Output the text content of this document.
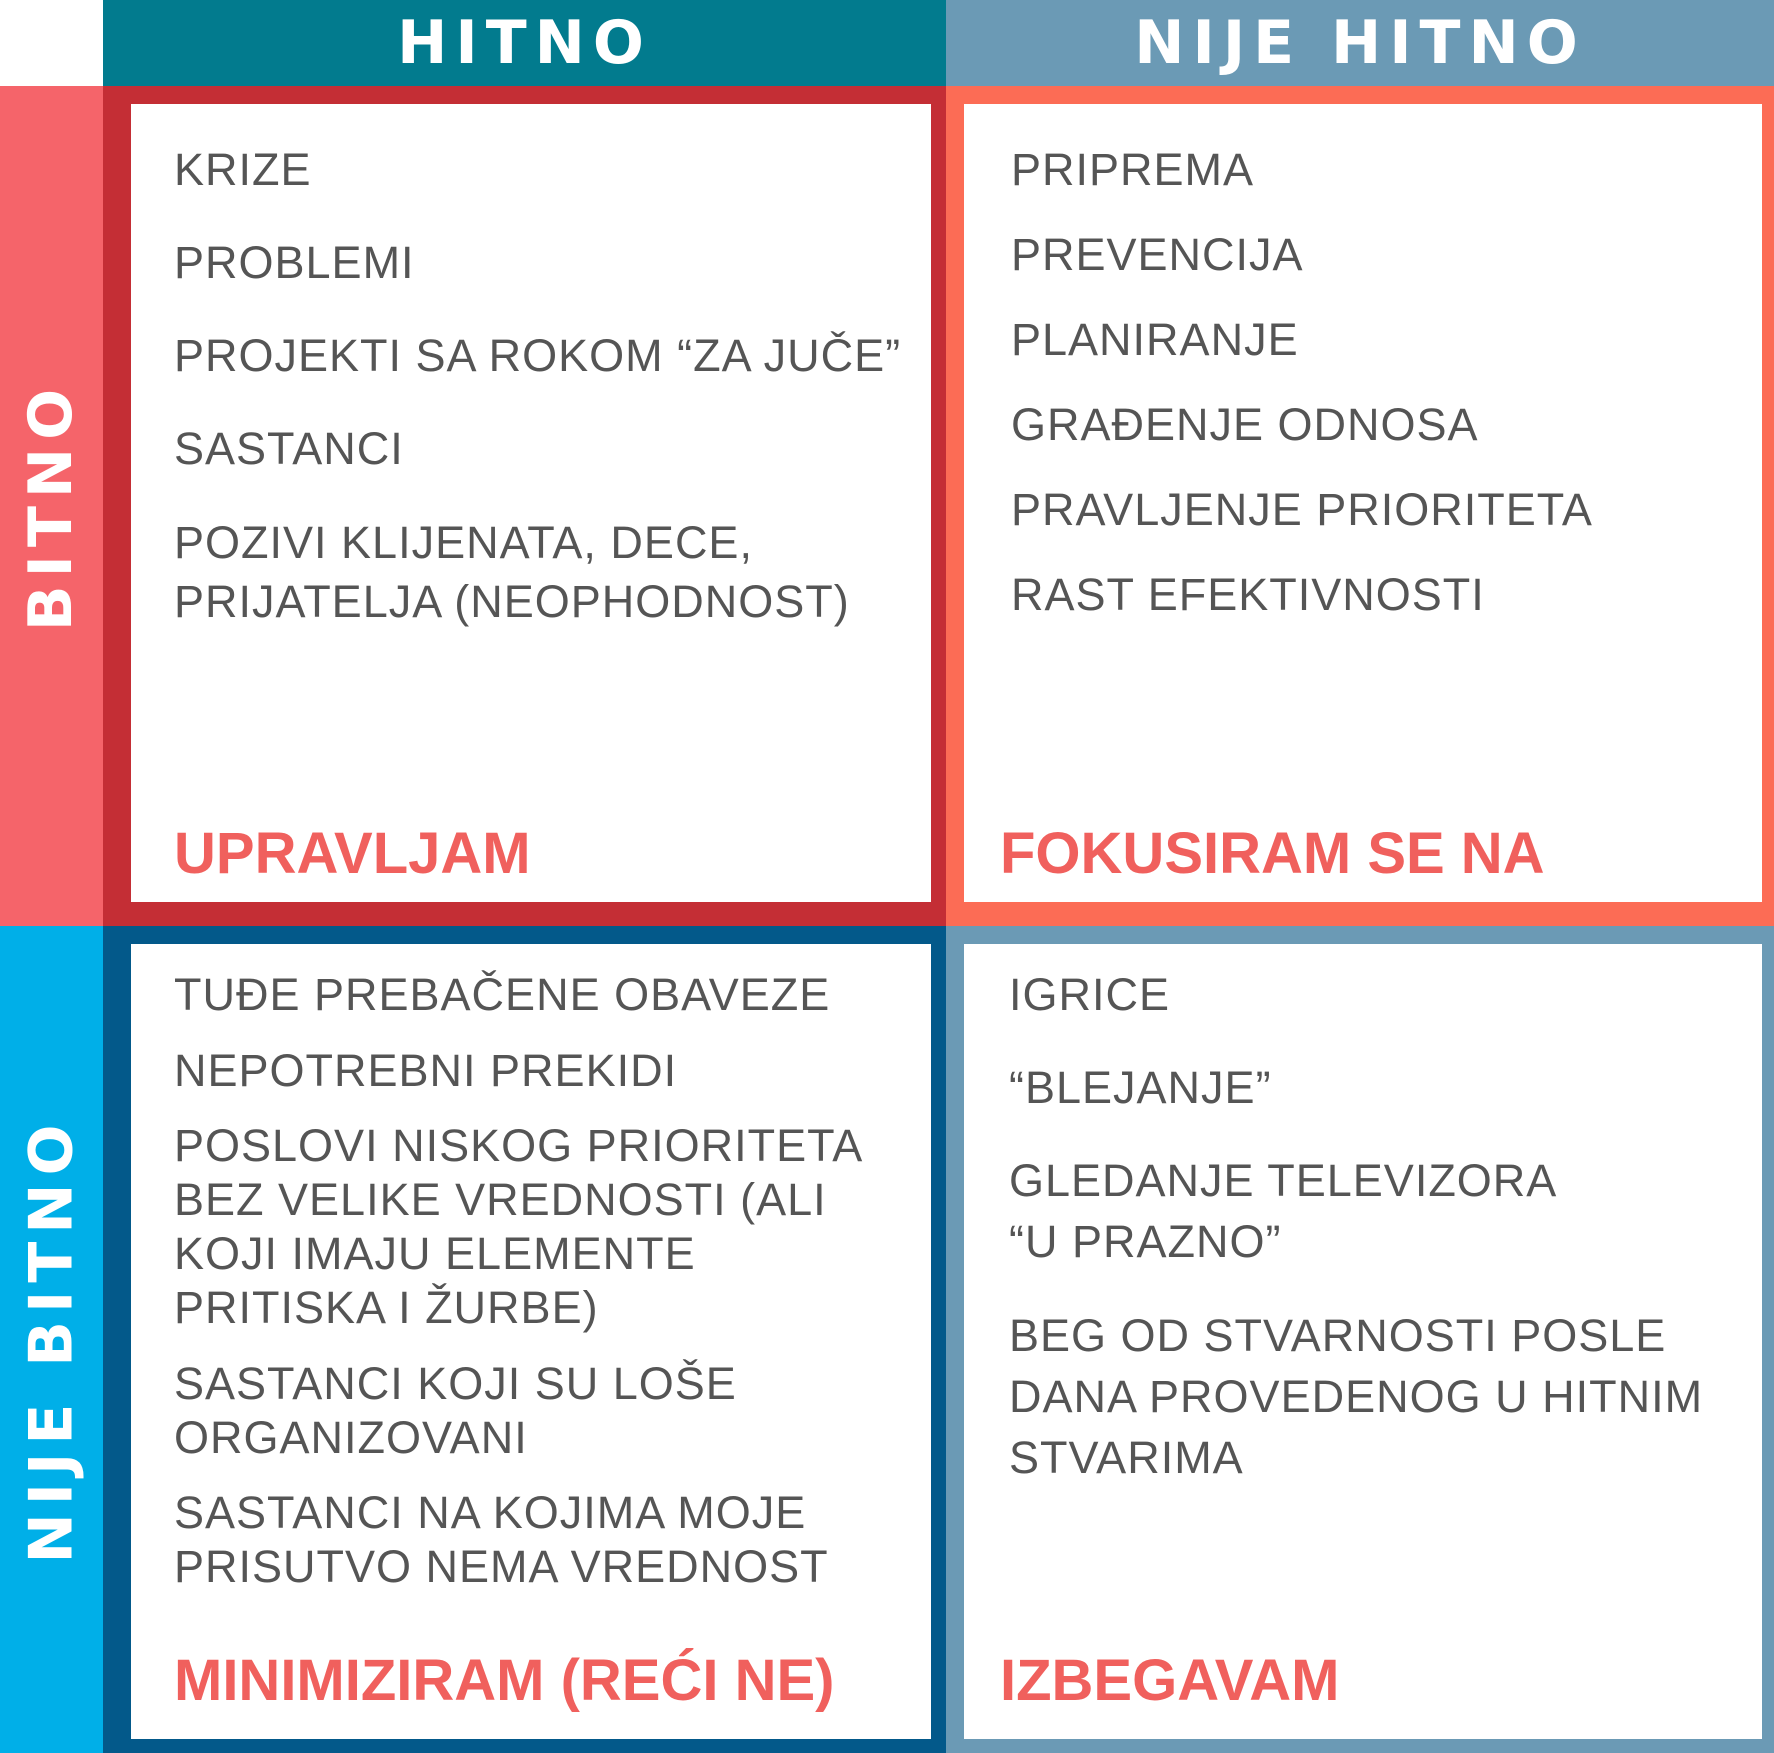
HITNO	NIJE HITNO
BITNO
NIJE BITNO

KRIZE

PROBLEMI

PROJEKTI SA ROKOM “ZA JUČE”

SASTANCI

POZIVI KLIJENATA, DECE,

PRIJATELJA (NEOPHODNOST)

UPRAVLJAM

PRIPREMA

PREVENCIJA

PLANIRANJE

GRAĐENJE ODNOSA

PRAVLJENJE PRIORITETA

RAST EFEKTIVNOSTI

FOKUSIRAM SE NA

TUĐE PREBAČENE OBAVEZE

NEPOTREBNI PREKIDI

POSLOVI NISKOG PRIORITETA

BEZ VELIKE VREDNOSTI (ALI

KOJI IMAJU ELEMENTE

PRITISKA I ŽURBE)

SASTANCI KOJI SU LOŠE

ORGANIZOVANI

SASTANCI NA KOJIMA MOJE

PRISUTVO NEMA VREDNOST

MINIMIZIRAM (REĆI NE)

IGRICE

“BLEJANJE”

GLEDANJE TELEVIZORA

“U PRAZNO”

BEG OD STVARNOSTI POSLE

DANA PROVEDENOG U HITNIM

STVARIMA

IZBEGAVAM
